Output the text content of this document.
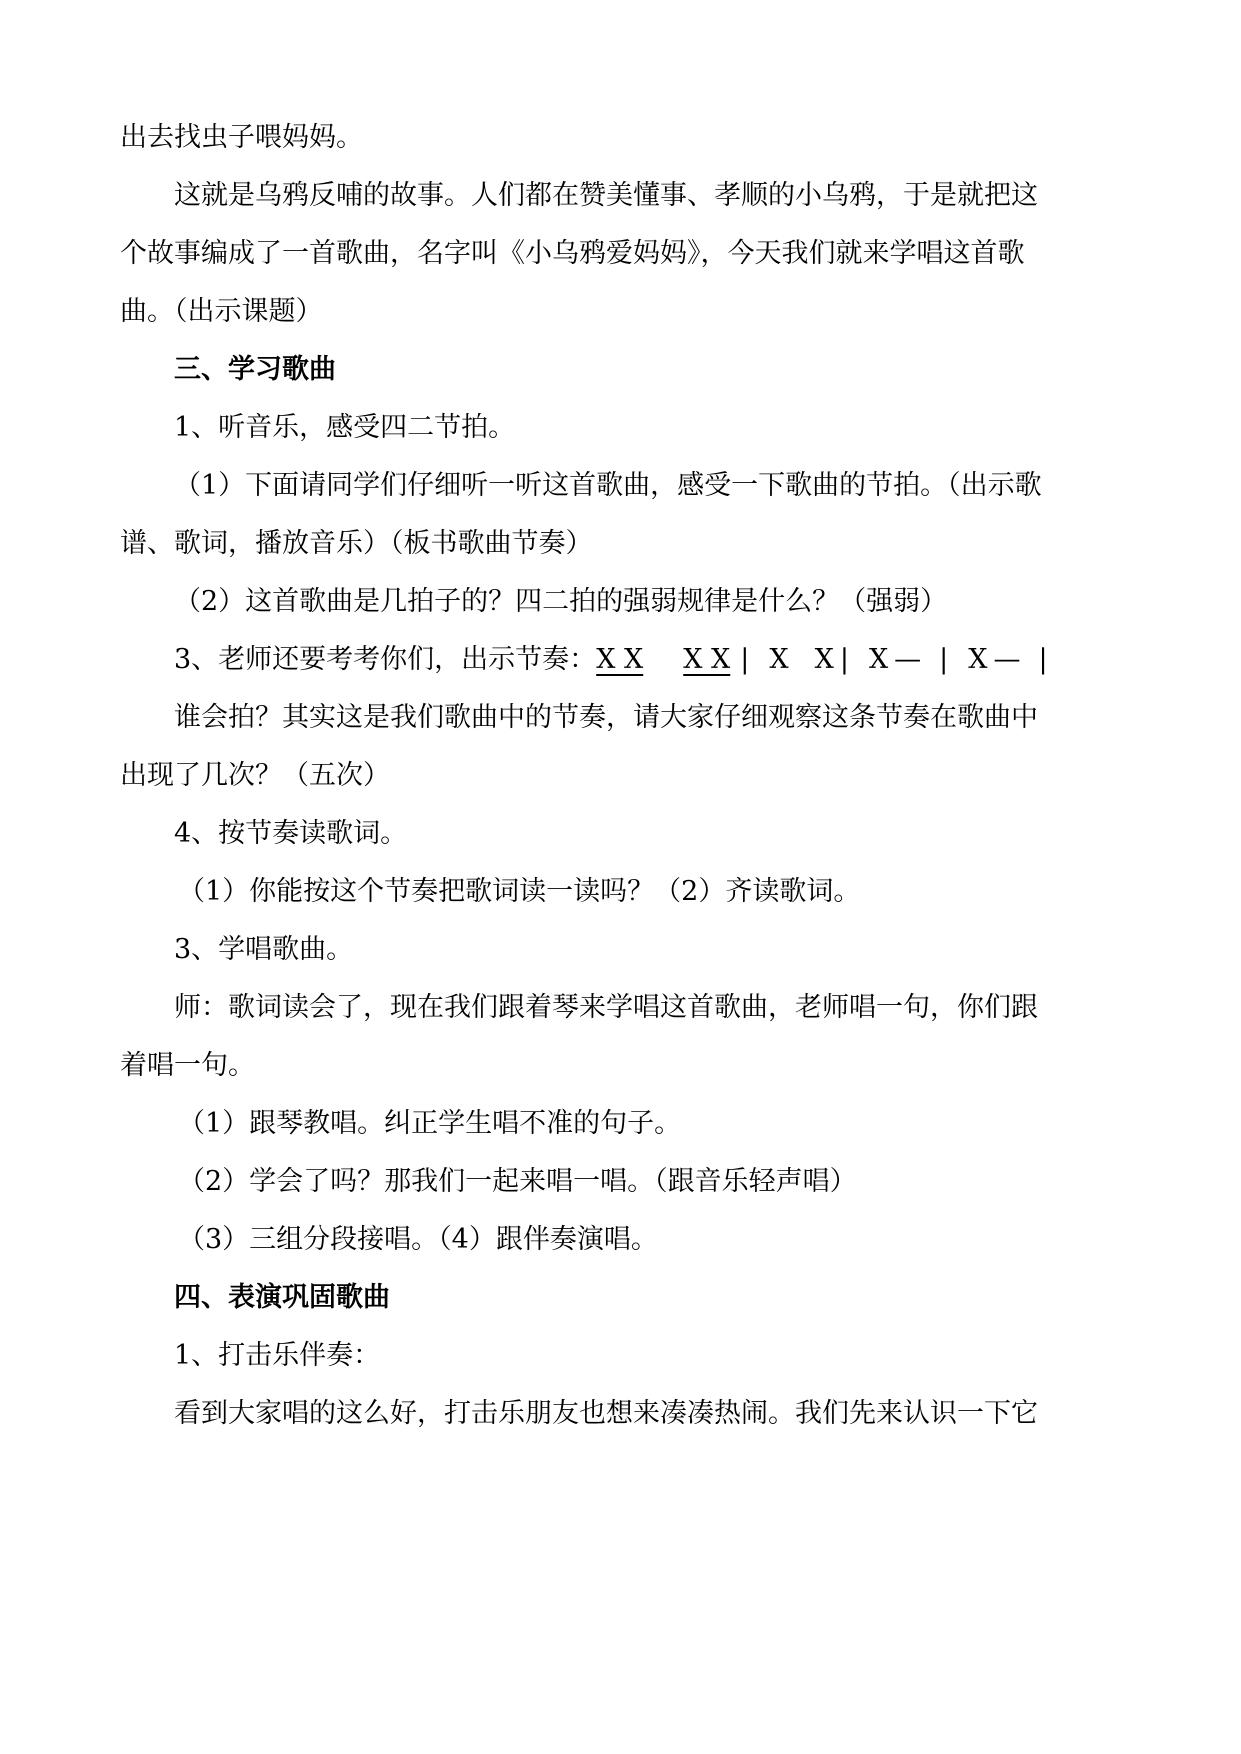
出去找虫子喂妈妈。
这就是乌鸦反哺的故事。人们都在赞美懂事、孝顺的小乌鸦，于是就把这
个故事编成了一首歌曲，名字叫《小乌鸦爱妈妈》，今天我们就来学唱这首歌
曲。（出示课题）
三、学习歌曲
1、听音乐，感受四二节拍。
（1）下面请同学们仔细听一听这首歌曲，感受一下歌曲的节拍。（出示歌
谱、歌词，播放音乐）（板书歌曲节奏）
（2）这首歌曲是几拍子的？四二拍的强弱规律是什么？（强弱）
3、老师还要考考你们，出示节奏：X X X X | X X | X — | X — |
谁会拍？其实这是我们歌曲中的节奏，请大家仔细观察这条节奏在歌曲中
出现了几次？（五次）
4、按节奏读歌词。
（1）你能按这个节奏把歌词读一读吗？（2）齐读歌词。
3、学唱歌曲。
师：歌词读会了，现在我们跟着琴来学唱这首歌曲，老师唱一句，你们跟
着唱一句。
（1）跟琴教唱。纠正学生唱不准的句子。
（2）学会了吗？那我们一起来唱一唱。（跟音乐轻声唱）
（3）三组分段接唱。（4）跟伴奏演唱。
四、表演巩固歌曲
1、打击乐伴奏：
看到大家唱的这么好，打击乐朋友也想来凑凑热闹。我们先来认识一下它
